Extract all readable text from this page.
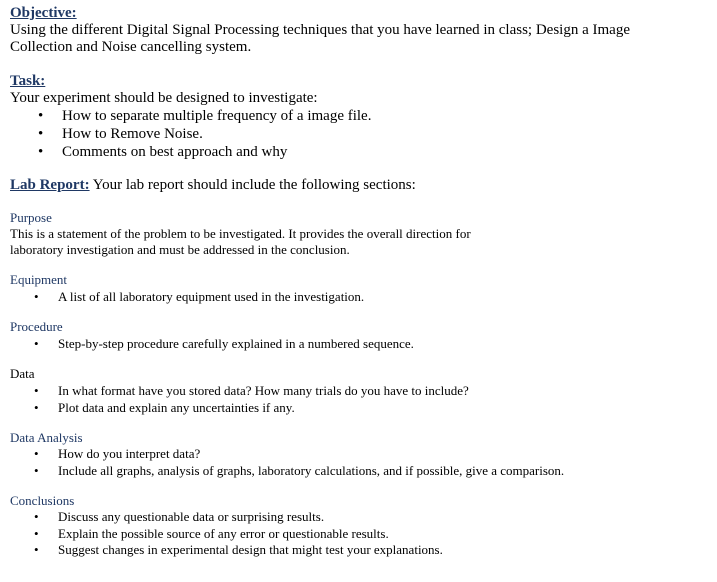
Objective:
Using the different Digital Signal Processing techniques that you have learned in class; Design a Image
Collection and Noise cancelling system.
Task:
Your experiment should be designed to investigate:
• How to separate multiple frequency of a image file.
• How to Remove Noise.
• Comments on best approach and why
Lab Report: Your lab report should include the following sections:
Purpose
This is a statement of the problem to be investigated. It provides the overall direction for
laboratory investigation and must be addressed in the conclusion.
Equipment
• A list of all laboratory equipment used in the investigation.
Procedure
• Step-by-step procedure carefully explained in a numbered sequence.
Data
• In what format have you stored data? How many trials do you have to include?
• Plot data and explain any uncertainties if any.
Data Analysis
• How do you interpret data?
• Include all graphs, analysis of graphs, laboratory calculations, and if possible, give a comparison.
Conclusions
• Discuss any questionable data or surprising results.
• Explain the possible source of any error or questionable results.
• Suggest changes in experimental design that might test your explanations.
